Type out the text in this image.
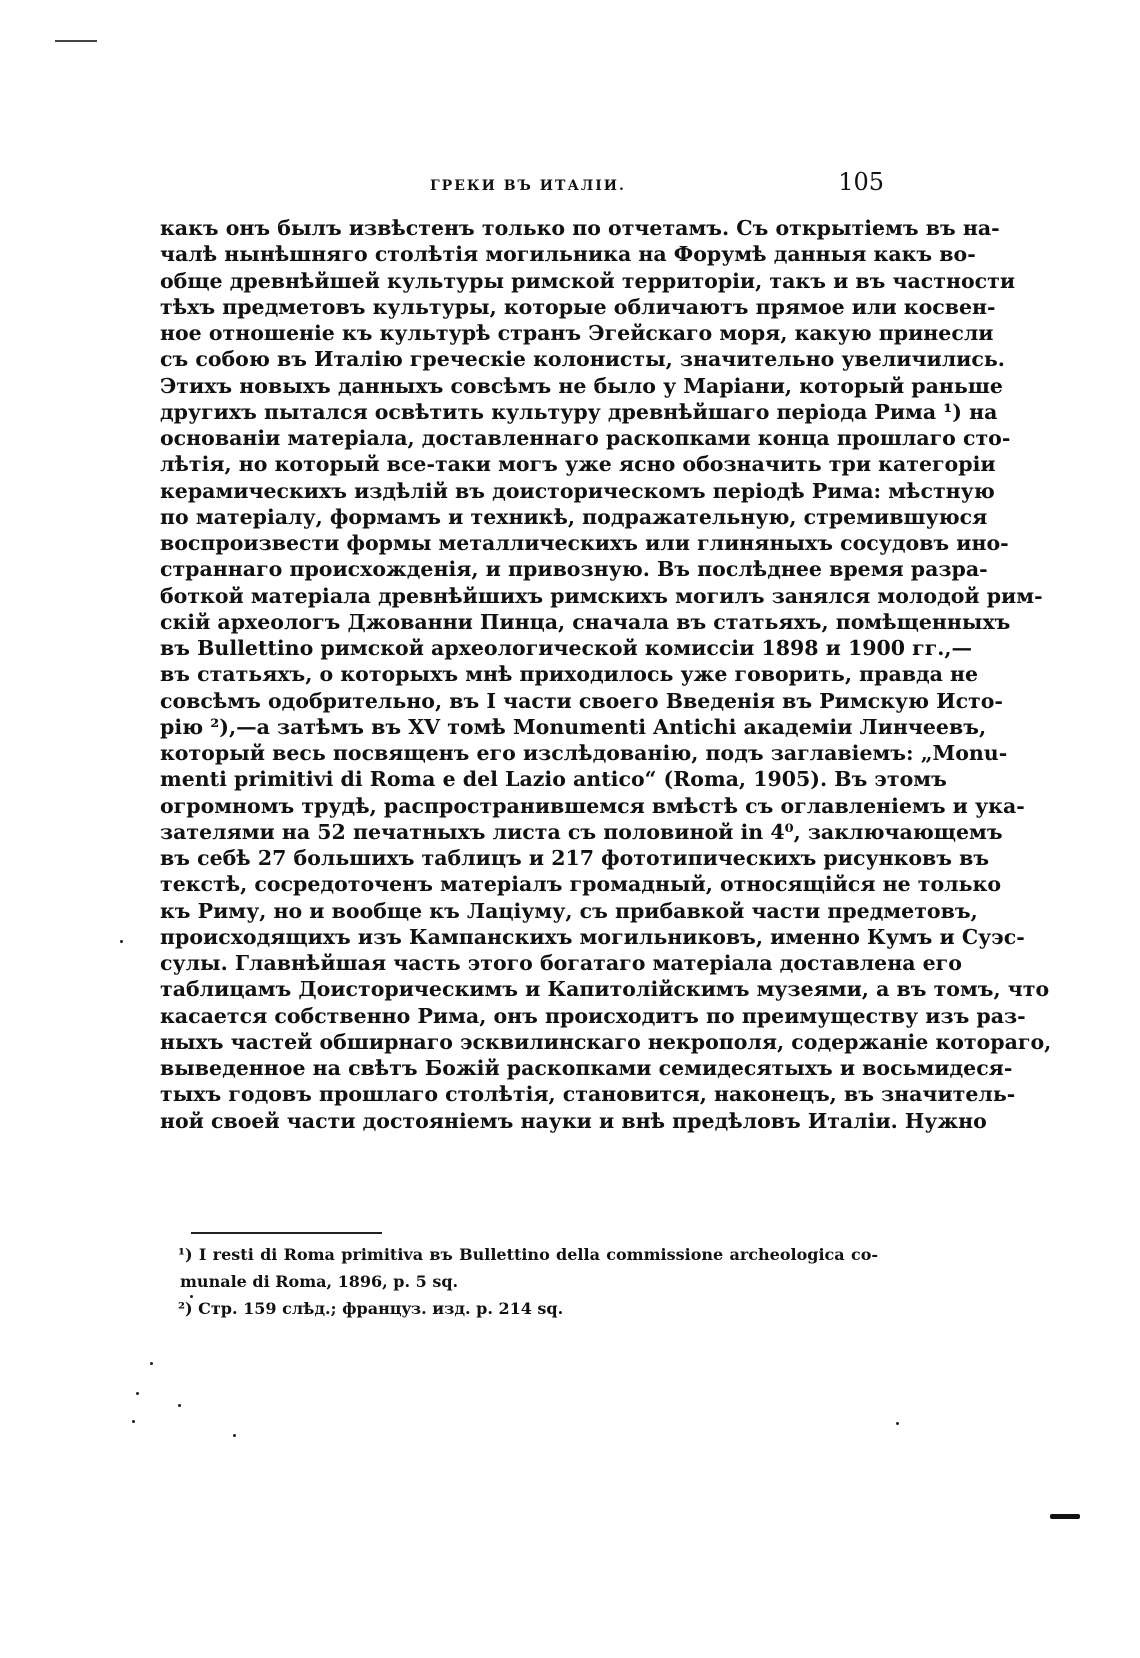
ГРЕКИ ВЪ ИТАЛІИ.	105
какъ онъ былъ извѣстенъ только по отчетамъ. Съ открытіемъ въ на-
чалѣ нынѣшняго столѣтія могильника на Форумѣ данныя какъ во-
обще древнѣйшей культуры римской территоріи, такъ и въ частности
тѣхъ предметовъ культуры, которые обличаютъ прямое или косвен-
ное отношеніе къ культурѣ странъ Эгейскаго моря, какую принесли
съ собою въ Италію греческіе колонисты, значительно увеличились.
Этихъ новыхъ данныхъ совсѣмъ не было у Маріани, который раньше
другихъ пытался освѣтить культуру древнѣйшаго періода Рима ¹) на
основаніи матеріала, доставленнаго раскопками конца прошлаго сто-
лѣтія, но который все-таки могъ уже ясно обозначить три категоріи
керамическихъ издѣлій въ доисторическомъ періодѣ Рима: мѣстную
по матеріалу, формамъ и техникѣ, подражательную, стремившуюся
воспроизвести формы металлическихъ или глиняныхъ сосудовъ ино-
страннаго происхожденія, и привозную. Въ послѣднее время разра-
боткой матеріала древнѣйшихъ римскихъ могилъ занялся молодой рим-
скій археологъ Джованни Пинца, сначала въ статьяхъ, помѣщенныхъ
въ Bullettino римской археологической комиссіи 1898 и 1900 гг.,—
въ статьяхъ, о которыхъ мнѣ приходилось уже говорить, правда не
совсѣмъ одобрительно, въ I части своего Введенія въ Римскую Исто-
рію ²),—а затѣмъ въ XV томѣ Monumenti Antichi академіи Линчеевъ,
который весь посвященъ его изслѣдованію, подъ заглавіемъ: „Monu-
menti primitivi di Roma e del Lazio antico“ (Roma, 1905). Въ этомъ
огромномъ трудѣ, распространившемся вмѣстѣ съ оглавленіемъ и ука-
зателями на 52 печатныхъ листа съ половиной in 4⁰, заключающемъ
въ себѣ 27 большихъ таблицъ и 217 фототипическихъ рисунковъ въ
текстѣ, сосредоточенъ матеріалъ громадный, относящійся не только
къ Риму, но и вообще къ Лаціуму, съ прибавкой части предметовъ,
происходящихъ изъ Кампанскихъ могильниковъ, именно Кумъ и Суэс-
сулы. Главнѣйшая часть этого богатаго матеріала доставлена его
таблицамъ Доисторическимъ и Капитолійскимъ музеями, а въ томъ, что
касается собственно Рима, онъ происходитъ по преимуществу изъ раз-
ныхъ частей обширнаго эсквилинскаго некрополя, содержаніе котораго,
выведенное на свѣтъ Божій раскопками семидесятыхъ и восьмидеся-
тыхъ годовъ прошлаго столѣтія, становится, наконецъ, въ значитель-
ной своей части достояніемъ науки и внѣ предѣловъ Италіи. Нужно
¹) I resti di Roma primitiva въ Bullettino della commissione archeologica co-
munale di Roma, 1896, p. 5 sq.
²) Стр. 159 слѣд.; францyз. изд. p. 214 sq.
